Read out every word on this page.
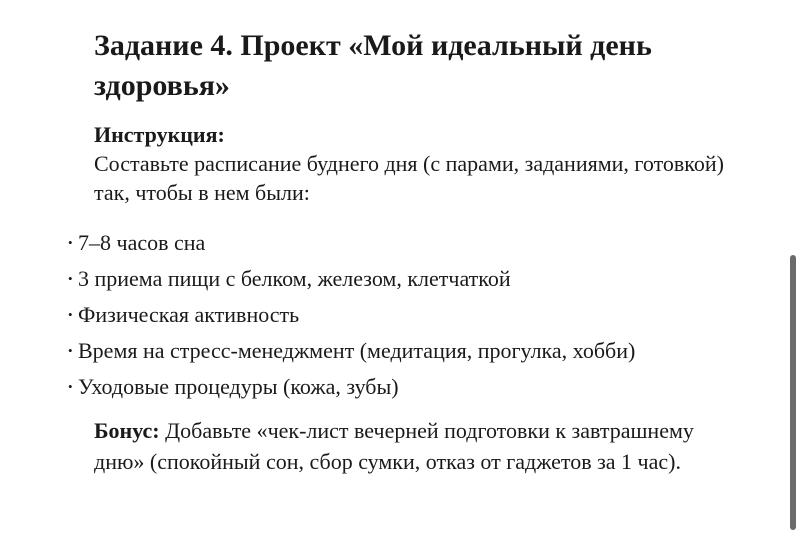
Задание 4. Проект «Мой идеальный день здоровья»
Инструкция:
Составьте расписание буднего дня (с парами, заданиями, готовкой) так, чтобы в нем были:
• 7–8 часов сна
• 3 приема пищи с белком, железом, клетчаткой
• Физическая активность
• Время на стресс-менеджмент (медитация, прогулка, хобби)
• Уходовые процедуры (кожа, зубы)
Бонус: Добавьте «чек-лист вечерней подготовки к завтрашнему дню» (спокойный сон, сбор сумки, отказ от гаджетов за 1 час).
